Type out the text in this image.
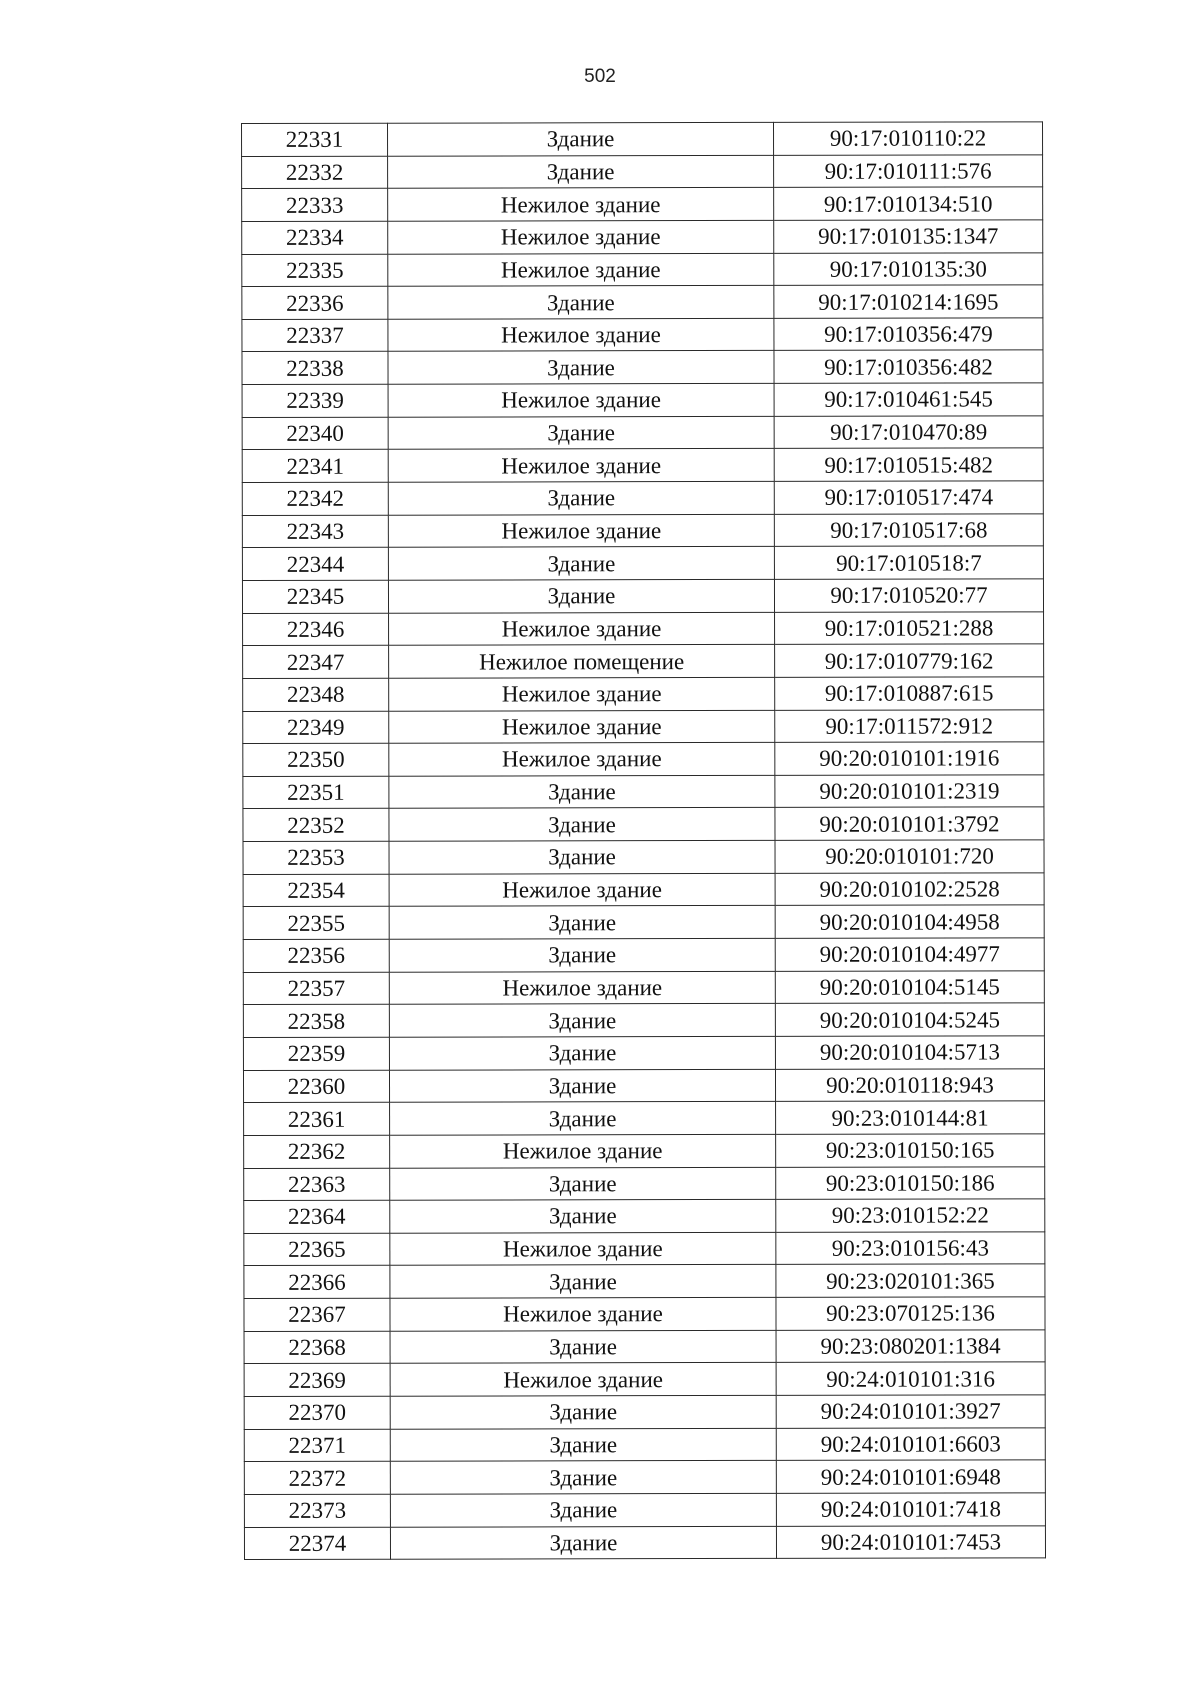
502
22331	Здание	90:17:010110:22
22332	Здание	90:17:010111:576
22333	Нежилое здание	90:17:010134:510
22334	Нежилое здание	90:17:010135:1347
22335	Нежилое здание	90:17:010135:30
22336	Здание	90:17:010214:1695
22337	Нежилое здание	90:17:010356:479
22338	Здание	90:17:010356:482
22339	Нежилое здание	90:17:010461:545
22340	Здание	90:17:010470:89
22341	Нежилое здание	90:17:010515:482
22342	Здание	90:17:010517:474
22343	Нежилое здание	90:17:010517:68
22344	Здание	90:17:010518:7
22345	Здание	90:17:010520:77
22346	Нежилое здание	90:17:010521:288
22347	Нежилое помещение	90:17:010779:162
22348	Нежилое здание	90:17:010887:615
22349	Нежилое здание	90:17:011572:912
22350	Нежилое здание	90:20:010101:1916
22351	Здание	90:20:010101:2319
22352	Здание	90:20:010101:3792
22353	Здание	90:20:010101:720
22354	Нежилое здание	90:20:010102:2528
22355	Здание	90:20:010104:4958
22356	Здание	90:20:010104:4977
22357	Нежилое здание	90:20:010104:5145
22358	Здание	90:20:010104:5245
22359	Здание	90:20:010104:5713
22360	Здание	90:20:010118:943
22361	Здание	90:23:010144:81
22362	Нежилое здание	90:23:010150:165
22363	Здание	90:23:010150:186
22364	Здание	90:23:010152:22
22365	Нежилое здание	90:23:010156:43
22366	Здание	90:23:020101:365
22367	Нежилое здание	90:23:070125:136
22368	Здание	90:23:080201:1384
22369	Нежилое здание	90:24:010101:316
22370	Здание	90:24:010101:3927
22371	Здание	90:24:010101:6603
22372	Здание	90:24:010101:6948
22373	Здание	90:24:010101:7418
22374	Здание	90:24:010101:7453
